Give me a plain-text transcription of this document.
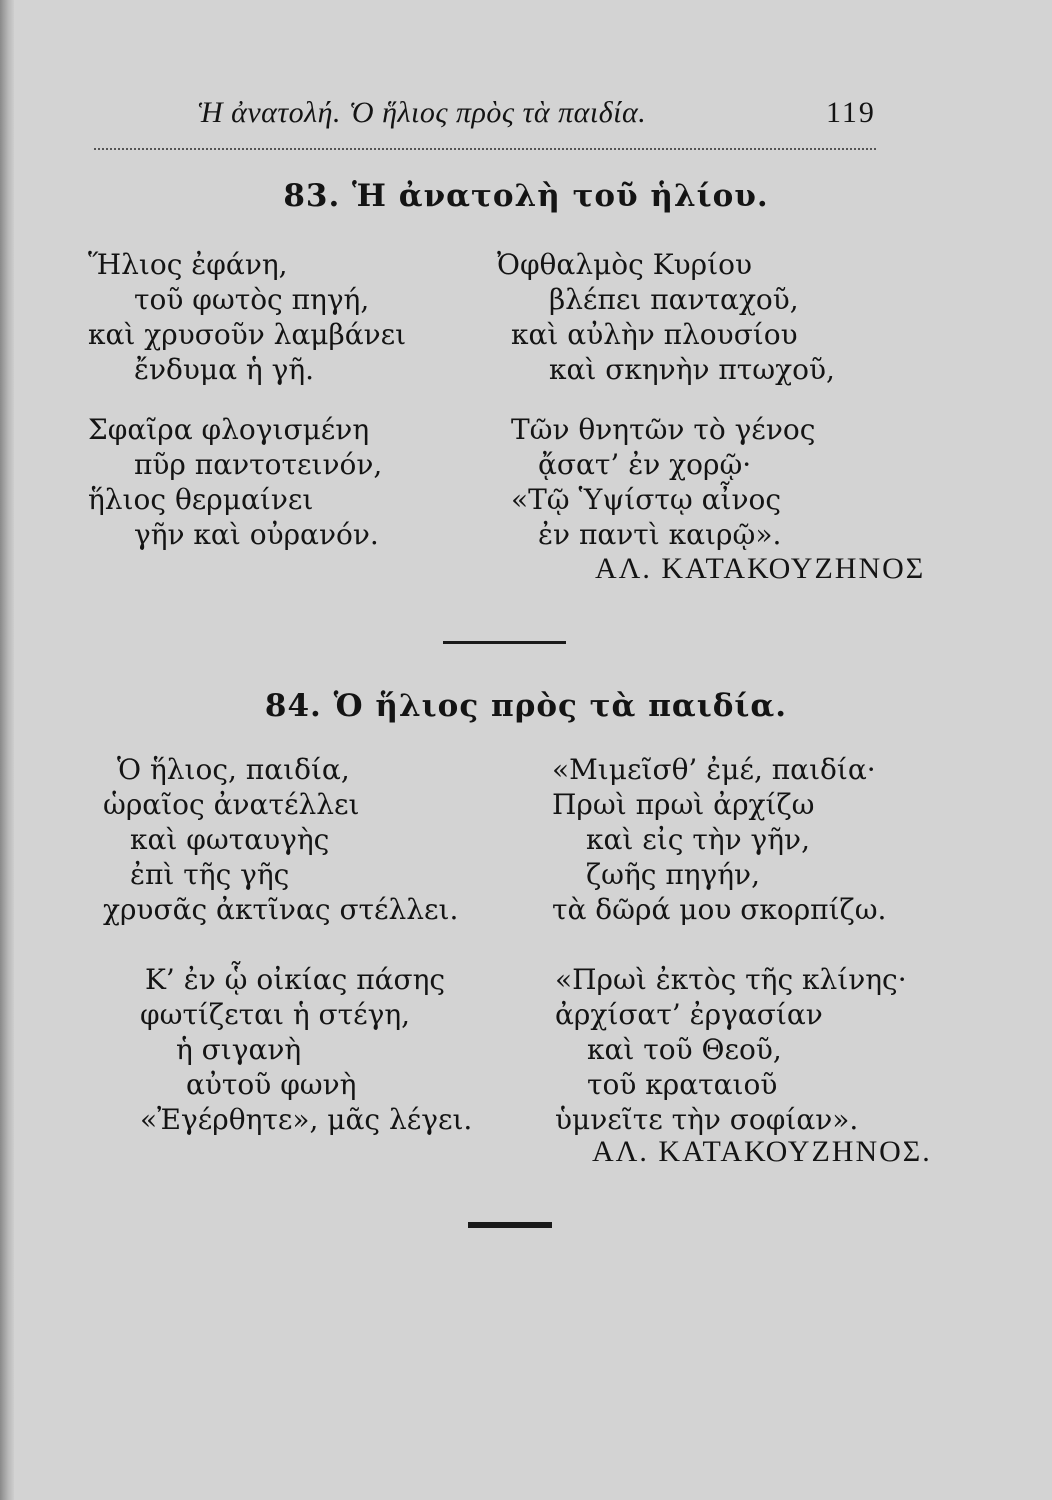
Ἡ ἀνατολή. Ὁ ἥλιος πρὸς τὰ παιδία.	119
83. Ἡ ἀνατολὴ τοῦ ἡλίου.
Ἥλιος ἐφάνη,
τοῦ φωτὸς πηγή,
καὶ χρυσοῦν λαμβάνει
ἔνδυμα ἡ γῆ.
Σφαῖρα φλογισμένη
πῦρ παντοτεινόν,
ἥλιος θερμαίνει
γῆν καὶ οὐρανόν.
Ὀφθαλμὸς Κυρίου
βλέπει πανταχοῦ,
καὶ αὐλὴν πλουσίου
καὶ σκηνὴν πτωχοῦ,
Τῶν θνητῶν τὸ γένος
ᾄσατ’ ἐν χορῷ·
«Τῷ Ὑψίστῳ αἶνος
ἐν παντὶ καιρῷ».
ΑΛ. ΚΑΤΑΚΟΥΖΗΝΟΣ
84. Ὁ ἥλιος πρὸς τὰ παιδία.
Ὁ ἥλιος, παιδία,
ὡραῖος ἀνατέλλει
καὶ φωταυγὴς
ἐπὶ τῆς γῆς
χρυσᾶς ἀκτῖνας στέλλει.
Κ’ ἐν ᾧ οἰκίας πάσης
φωτίζεται ἡ στέγη,
ἡ σιγανὴ
αὐτοῦ φωνὴ
«Ἐγέρθητε», μᾶς λέγει.
«Μιμεῖσθ’ ἐμέ, παιδία·
Πρωὶ πρωὶ ἀρχίζω
καὶ εἰς τὴν γῆν,
ζωῆς πηγήν,
τὰ δῶρά μου σκορπίζω.
«Πρωὶ ἐκτὸς τῆς κλίνης·
ἀρχίσατ’ ἐργασίαν
καὶ τοῦ Θεοῦ,
τοῦ κραταιοῦ
ὑμνεῖτε τὴν σοφίαν».
ΑΛ. ΚΑΤΑΚΟΥΖΗΝΟΣ.
